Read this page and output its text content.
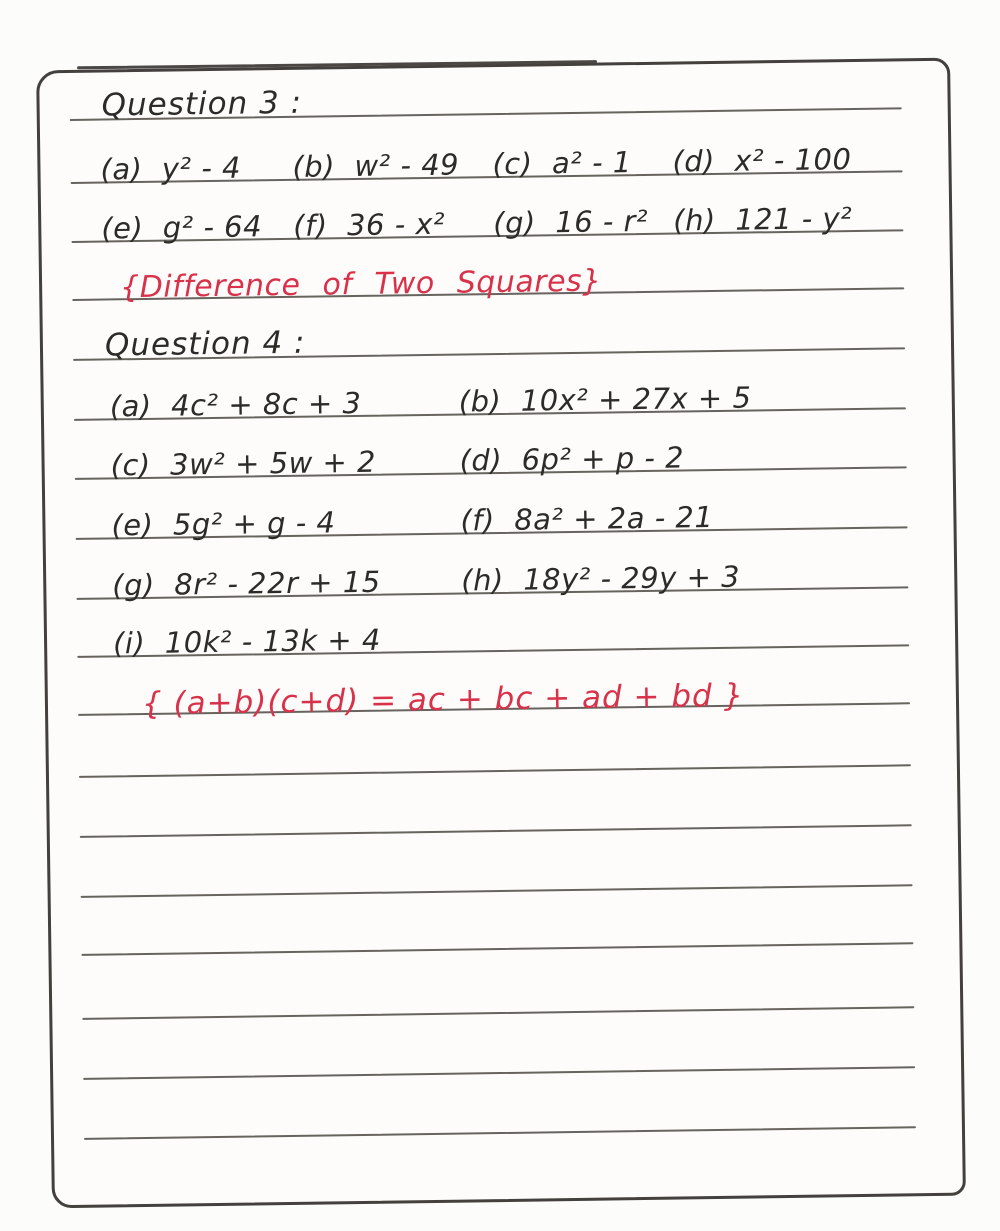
Question 3 :
(a)  y² - 4 (b)  w² - 49 (c)  a² - 1 (d)  x² - 100
(e)  g² - 64 (f)  36 - x² (g)  16 - r² (h)  121 - y²
{Difference of Two Squares}
Question 4 :
(a)  4c² + 8c + 3	(b)  10x² + 27x + 5
(c)  3w² + 5w + 2	(d)  6p² + p - 2
(e)  5g² + g - 4	(f)  8a² + 2a - 21
(g)  8r² - 22r + 15	(h)  18y² - 29y + 3
(i)  10k² - 13k + 4
{ (a+b)(c+d) = ac + bc + ad + bd }
